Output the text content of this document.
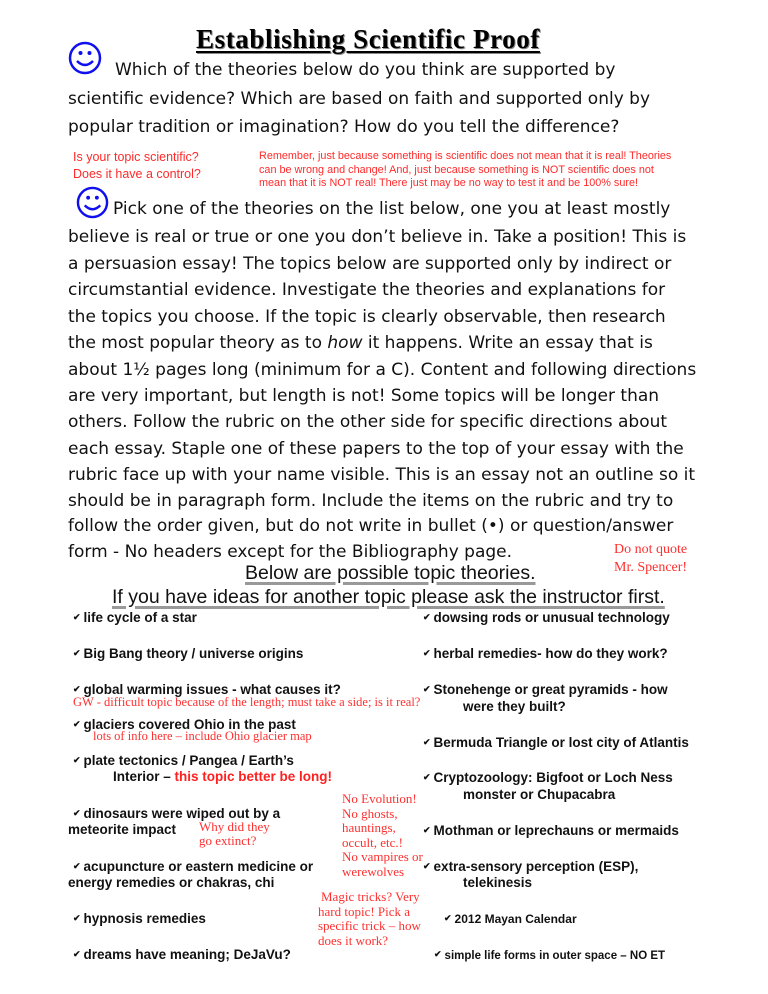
Establishing Scientific Proof
Which of the theories below do you think are supported by
scientific evidence? Which are based on faith and supported only by
popular tradition or imagination? How do you tell the difference?
Is your topic scientific?
Does it have a control?
Remember, just because something is scientific does not mean that it is real! Theories
can be wrong and change! And, just because something is NOT scientific does not
mean that it is NOT real! There just may be no way to test it and be 100% sure!
Pick one of the theories on the list below, one you at least mostly
believe is real or true or one you don’t believe in. Take a position! This is
a persuasion essay! The topics below are supported only by indirect or
circumstantial evidence. Investigate the theories and explanations for
the topics you choose. If the topic is clearly observable, then research
the most popular theory as to how it happens. Write an essay that is
about 1½ pages long (minimum for a C). Content and following directions
are very important, but length is not! Some topics will be longer than
others. Follow the rubric on the other side for specific directions about
each essay. Staple one of these papers to the top of your essay with the
rubric face up with your name visible. This is an essay not an outline so it
should be in paragraph form. Include the items on the rubric and try to
follow the order given, but do not write in bullet (•) or question/answer
form - No headers except for the Bibliography page.	Do not quote
Mr. Spencer!
Below are possible topic theories.
If you have ideas for another topic please ask the instructor first.
✔ life cycle of a star
✔ Big Bang theory / universe origins
✔ global warming issues - what causes it?
GW - difficult topic because of the length; must take a side; is it real?
✔ glaciers covered Ohio in the past
lots of info here – include Ohio glacier map
✔ plate tectonics / Pangea / Earth’s
Interior – this topic better be long!
✔ dinosaurs were wiped out by a
meteorite impact Why did they
go extinct?
✔ acupuncture or eastern medicine or
energy remedies or chakras, chi
✔ hypnosis remedies
✔ dreams have meaning; DeJaVu?
No Evolution!
No ghosts,
hauntings,
occult, etc.!
No vampires or
werewolves
Magic tricks? Very
hard topic! Pick a
specific trick – how
does it work?
✔ dowsing rods or unusual technology
✔ herbal remedies- how do they work?
✔ Stonehenge or great pyramids - how
were they built?
✔ Bermuda Triangle or lost city of Atlantis
✔ Cryptozoology: Bigfoot or Loch Ness
monster or Chupacabra
✔ Mothman or leprechauns or mermaids
✔ extra-sensory perception (ESP),
telekinesis
✔ 2012 Mayan Calendar
✔ simple life forms in outer space – NO ET
